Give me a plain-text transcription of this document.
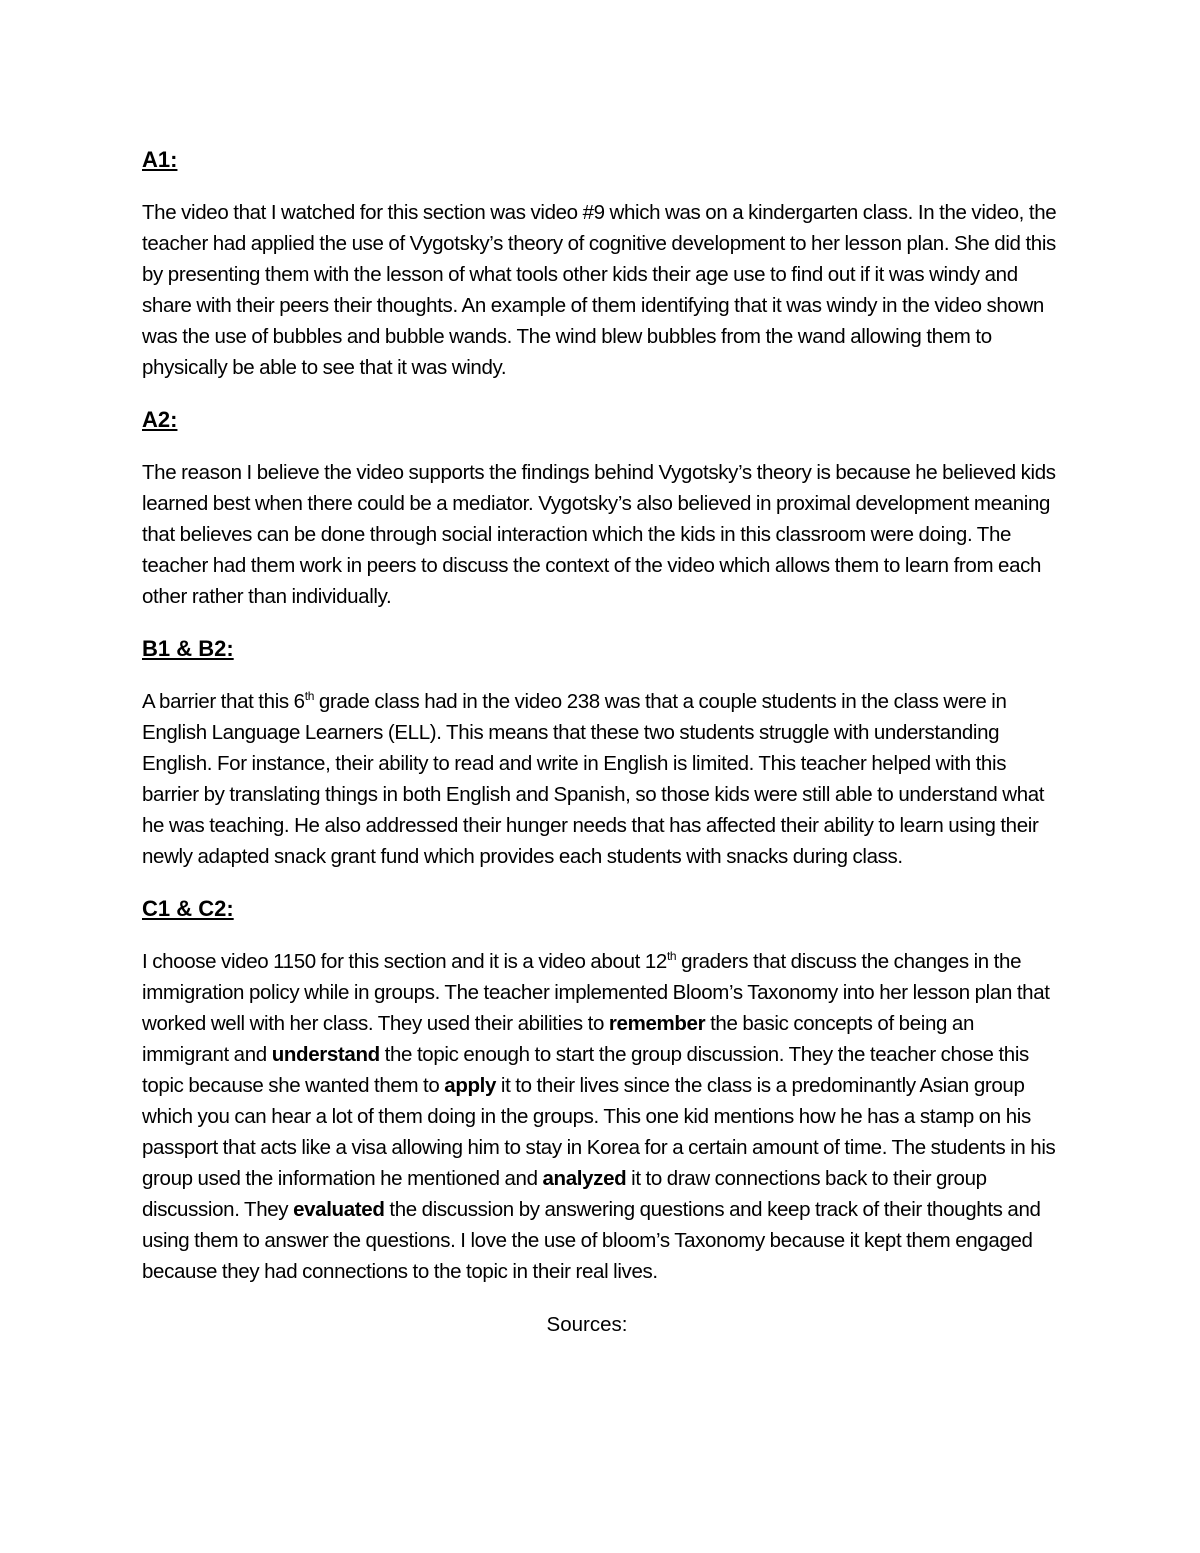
A1:
The video that I watched for this section was video #9 which was on a kindergarten class. In the video, the teacher had applied the use of Vygotsky’s theory of cognitive development to her lesson plan. She did this by presenting them with the lesson of what tools other kids their age use to find out if it was windy and share with their peers their thoughts. An example of them identifying that it was windy in the video shown was the use of bubbles and bubble wands. The wind blew bubbles from the wand allowing them to physically be able to see that it was windy.
A2:
The reason I believe the video supports the findings behind Vygotsky’s theory is because he believed kids learned best when there could be a mediator. Vygotsky’s also believed in proximal development meaning that believes can be done through social interaction which the kids in this classroom were doing. The teacher had them work in peers to discuss the context of the video which allows them to learn from each other rather than individually.
B1 & B2:
A barrier that this 6th grade class had in the video 238 was that a couple students in the class were in English Language Learners (ELL). This means that these two students struggle with understanding English. For instance, their ability to read and write in English is limited. This teacher helped with this barrier by translating things in both English and Spanish, so those kids were still able to understand what he was teaching. He also addressed their hunger needs that has affected their ability to learn using their newly adapted snack grant fund which provides each students with snacks during class.
C1 & C2:
I choose video 1150 for this section and it is a video about 12th graders that discuss the changes in the immigration policy while in groups. The teacher implemented Bloom’s Taxonomy into her lesson plan that worked well with her class. They used their abilities to remember the basic concepts of being an immigrant and understand the topic enough to start the group discussion. They the teacher chose this topic because she wanted them to apply it to their lives since the class is a predominantly Asian group which you can hear a lot of them doing in the groups. This one kid mentions how he has a stamp on his passport that acts like a visa allowing him to stay in Korea for a certain amount of time. The students in his group used the information he mentioned and analyzed it to draw connections back to their group discussion. They evaluated the discussion by answering questions and keep track of their thoughts and using them to answer the questions. I love the use of bloom’s Taxonomy because it kept them engaged because they had connections to the topic in their real lives.
Sources:
